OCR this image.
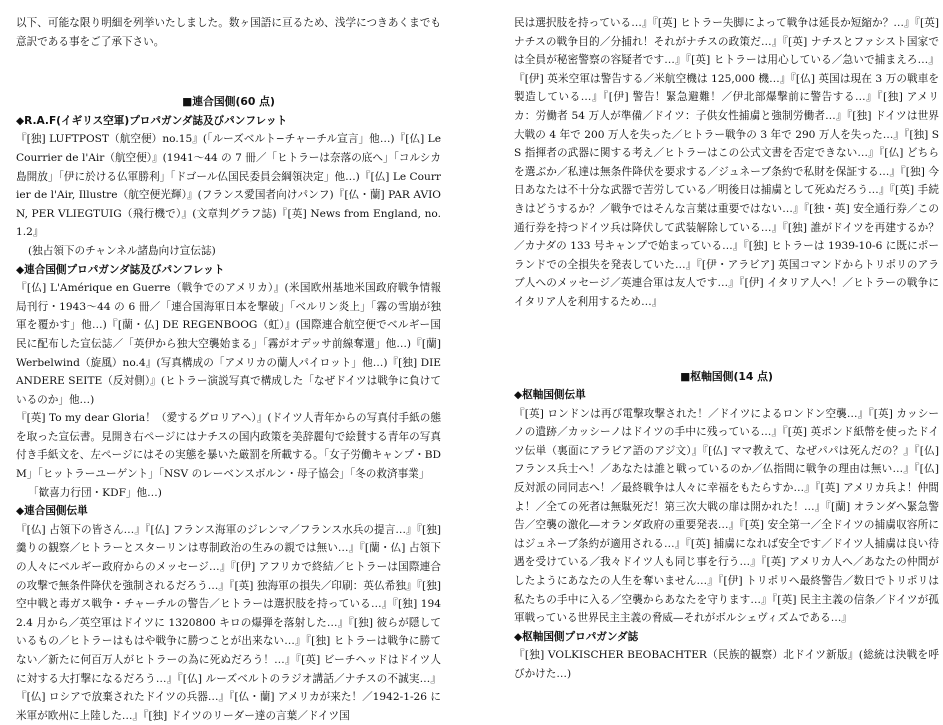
以下、可能な限り明細を列挙いたしました。数ヶ国語に亘るため、浅学につきあくまでも意訳である事をご了承下さい。

■連合国側(60 点)

◆R.A.F(イギリス空軍)プロパガンダ誌及びパンフレット

『[独] LUFTPOST（航空便）no.15』(「ルーズベルト−チャーチル宣言」他…)『[仏] Le Courrier de l'Air（航空便）』(1941〜44 の 7 冊／「ヒトラーは奈落の底へ」「コルシカ島開放」「伊に於ける仏軍勝利」「ドゴール仏国民委員会綱領决定」他…)『[仏] Le Courrier de l'Air, Illustre（航空便光輝）』(フランス愛国者向けパンフ)『[仏・蘭] PAR AVION, PER VLIEGTUIG（飛行機で）』(文章判グラフ誌)『[英] News from England, no.1.2』

(独占領下のチャンネル諸島向け宣伝誌)

◆連合国側プロパガンダ誌及びパンフレット

『[仏] L'Amérique en Guerre（戦争でのアメリカ）』(米国欧州基地米国政府戦争情報局刊行・1943〜44 の 6 冊／「連合国海軍日本を撃破」「ベルリン炎上」「霧の雪崩が独軍を覆かす」他…)『[蘭・仏] DE REGENBOOG（虹）』(国際連合航空便でベルギー国民に配布した宣伝誌／「英伊から独大空襲始まる」「霧がオデッサ前線奪還」他…)『[蘭] Werbelwind（旋風）no.4』(写真構成の「アメリカの蘭人パイロット」他…)『[独] DIE ANDERE SEITE（反対側）』(ヒトラー演説写真で構成した「なぜドイツは戦争に負けているのか」他…)

『[英] To my dear Gloria！（愛するグロリアへ）』(ドイツ人青年からの写真付手紙の態を取った宣伝書。見開き右ページにはナチスの国内政策を美辞麗句で絵賛する青年の写真付き手紙文を、左ページにはその実態を暴いた厳罰を所載する。「女子労働キャンプ・BDM」「ヒットラーユーゲント」「NSV のレーベンスボルン・母子協会」「冬の救済事業」

「歓喜力行団・KDF」他…)

◆連合国側伝単

『[仏] 占領下の皆さん…』『[仏] フランス海軍のジレンマ／フランス水兵の提言…』『[独] 羹りの観察／ヒトラーとスターリンは専制政治の生みの親では無い…』『[蘭・仏] 占領下の人々にベルギー政府からのメッセージ…』『[伊] アフリカで終結／ヒトラーは国際連合の攻撃で無条件降伏を強制されるだろう…』『[英] 独海軍の損失／印刷：英仏希独』『[独] 空中戦と毒ガス戦争・チャーチルの警告／ヒトラーは選択肢を持っている…』『[独] 1942.4 月から／英空軍はドイツに 1320800 キロの爆弾を落射した…』『[独] 彼らが隠しているもの／ヒトラーはもはや戦争に勝つことが出来ない…』『[独] ヒトラーは戦争に勝てない／新たに何百万人がヒトラーの為に死ぬだろう！…』『[英] ビーチヘッドはドイツ人に対する大打撃になるだろう…』『[仏] ルーズベルトのラジオ講話／ナチスの不誠実…』『[仏] ロシアで放棄されたドイツの兵器…』『[仏・蘭] アメリカが来た！／1942-1-26 に米軍が欧州に上陸した…』『[独] ドイツのリーダー達の言葉／ドイツ国

民は選択肢を持っている…』『[英] ヒトラー失脚によって戦争は延長か短縮か？…』『[英] ナチスの戦争目的／分捕れ！それがナチスの政策だ…』『[英] ナチスとファシスト国家では全員が秘密警察の容疑者です…』『[英] ヒトラーは用心している／急いで捕まえろ…』『[伊] 英米空軍は警告する／米航空機は 125,000 機…』『[仏] 英国は現在 3 万の戦車を製造している…』『[伊] 警告！緊急避難！／伊北部爆撃前に警告する…』『[独] アメリカ：労働者 54 万人が準備／ドイツ：子供女性捕虜と強制労働者…』『[独] ドイツは世界大戦の 4 年で 200 万人を失った／ヒトラー戦争の 3 年で 290 万人を失った…』『[独] SS 指揮者の武器に関する考え／ヒトラーはこの公式文書を否定できない…』『[仏] どちらを選ぶか／私達は無条件降伏を要求する／ジュネーブ条約で私財を保証する…』『[独] 今日あなたは不十分な武器で苦労している／明後日は捕虜として死ぬだろう…』『[英] 手続きはどうするか？／戦争ではそんな言葉は重要ではない…』『[独・英] 安全通行券／この通行券を持つドイツ兵は降伏して武装解除している…』『[独] 誰がドイツを再建するか？／カナダの 133 号キャンプで始まっている…』『[独] ヒトラーは 1939-10-6 に既にポーランドでの全損失を発表していた…』『[伊・アラビア] 英国コマンドからトリポリのアラブ人へのメッセージ／英連合軍は友人です…』『[伊] イタリア人へ！／ヒトラーの戦争にイタリア人を利用するため…』

■枢軸国側(14 点)

◆枢軸国側伝単

『[英] ロンドンは再び電撃攻撃された！／ドイツによるロンドン空襲…』『[英] カッシーノの遺跡／カッシーノはドイツの手中に残っている…』『[英] 英ポンド紙幣を使ったドイツ伝単（裏面にアラビア語のアジ文）』『[仏] ママ教えて、なぜパパは死んだの？』『[仏] フランス兵士へ！／あなたは誰と戦っているのか／仏指間に戦争の理由は無い…』『[仏] 反対派の同同志へ！／最終戦争は人々に幸福をもたらすか…』『[英] アメリカ兵よ！仲間よ！／全ての死者は無駄死だ！第三次大戦の扉は開かれた！…』『[蘭] オランダへ緊急警告／空襲の激化―オランダ政府の重要発表…』『[英] 安全第一／全ドイツの捕虜収容所にはジュネーブ条約が適用される…』『[英] 捕虜になれば安全です／ドイツ人捕虜は良い待遇を受けている／我々ドイツ人も同じ事を行う…』『[英] アメリカ人へ／あなたの仲間がしたようにあなたの人生を奪いません…』『[伊] トリポリへ最終警告／数日でトリポリは私たちの手中に入る／空襲からあなたを守ります…』『[英] 民主主義の信条／ドイツが孤軍戦っている世界民主主義の脅威—それがボルシェヴィズムである…』

◆枢軸国側プロパガンダ誌

『[独] VOLKISCHER BEOBACHTER（民族的観察）北ドイツ新版』(総統は決戦を呼びかけた…)
